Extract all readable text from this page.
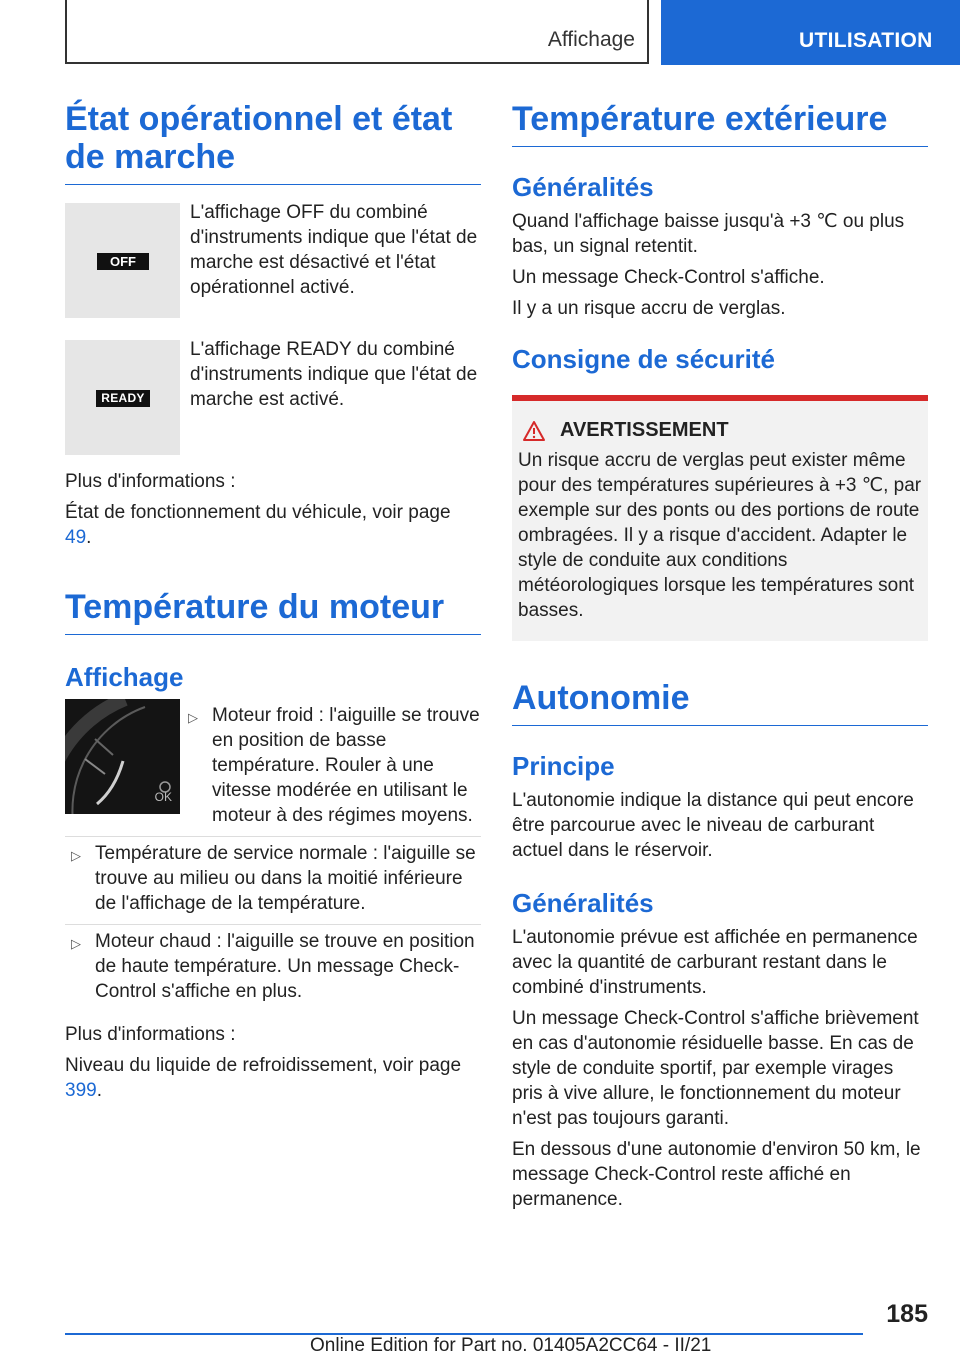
Affichage	UTILISATION
État opérationnel et état de marche
OFF
L'affichage OFF du combiné d'instruments indique que l'état de marche est désactivé et l'état opérationnel activé.
READY
L'affichage READY du combiné d'instruments indique que l'état de marche est activé.

Plus d'informations :

État de fonctionnement du véhicule, voir page 49.

Température du moteur
Affichage
OK
▷ Moteur froid : l'aiguille se trouve en position de basse température. Rouler à une vitesse modérée en utilisant le moteur à des régimes moyens.
▷ Température de service normale : l'aiguille se trouve au milieu ou dans la moitié inférieure de l'affichage de la température.
▷ Moteur chaud : l'aiguille se trouve en position de haute température. Un message Check-Control s'affiche en plus.

Plus d'informations :

Niveau du liquide de refroidissement, voir page 399.

Température extérieure
Généralités

Quand l'affichage baisse jusqu'à +3 ℃ ou plus bas, un signal retentit.

Un message Check-Control s'affiche.

Il y a un risque accru de verglas.

Consigne de sécurité
AVERTISSEMENT

Un risque accru de verglas peut exister même pour des températures supérieures à +3 ℃, par exemple sur des ponts ou des portions de route ombragées. Il y a risque d'accident. Adapter le style de conduite aux conditions météorologiques lorsque les températures sont basses.

Autonomie
Principe

L'autonomie indique la distance qui peut encore être parcourue avec le niveau de carburant actuel dans le réservoir.

Généralités

L'autonomie prévue est affichée en permanence avec la quantité de carburant restant dans le combiné d'instruments.

Un message Check-Control s'affiche brièvement en cas d'autonomie résiduelle basse. En cas de style de conduite sportif, par exemple virages pris à vive allure, le fonctionnement du moteur n'est pas toujours garanti.

En dessous d'une autonomie d'environ 50 km, le message Check-Control reste affiché en permanence.

185
Online Edition for Part no. 01405A2CC64 - II/21
